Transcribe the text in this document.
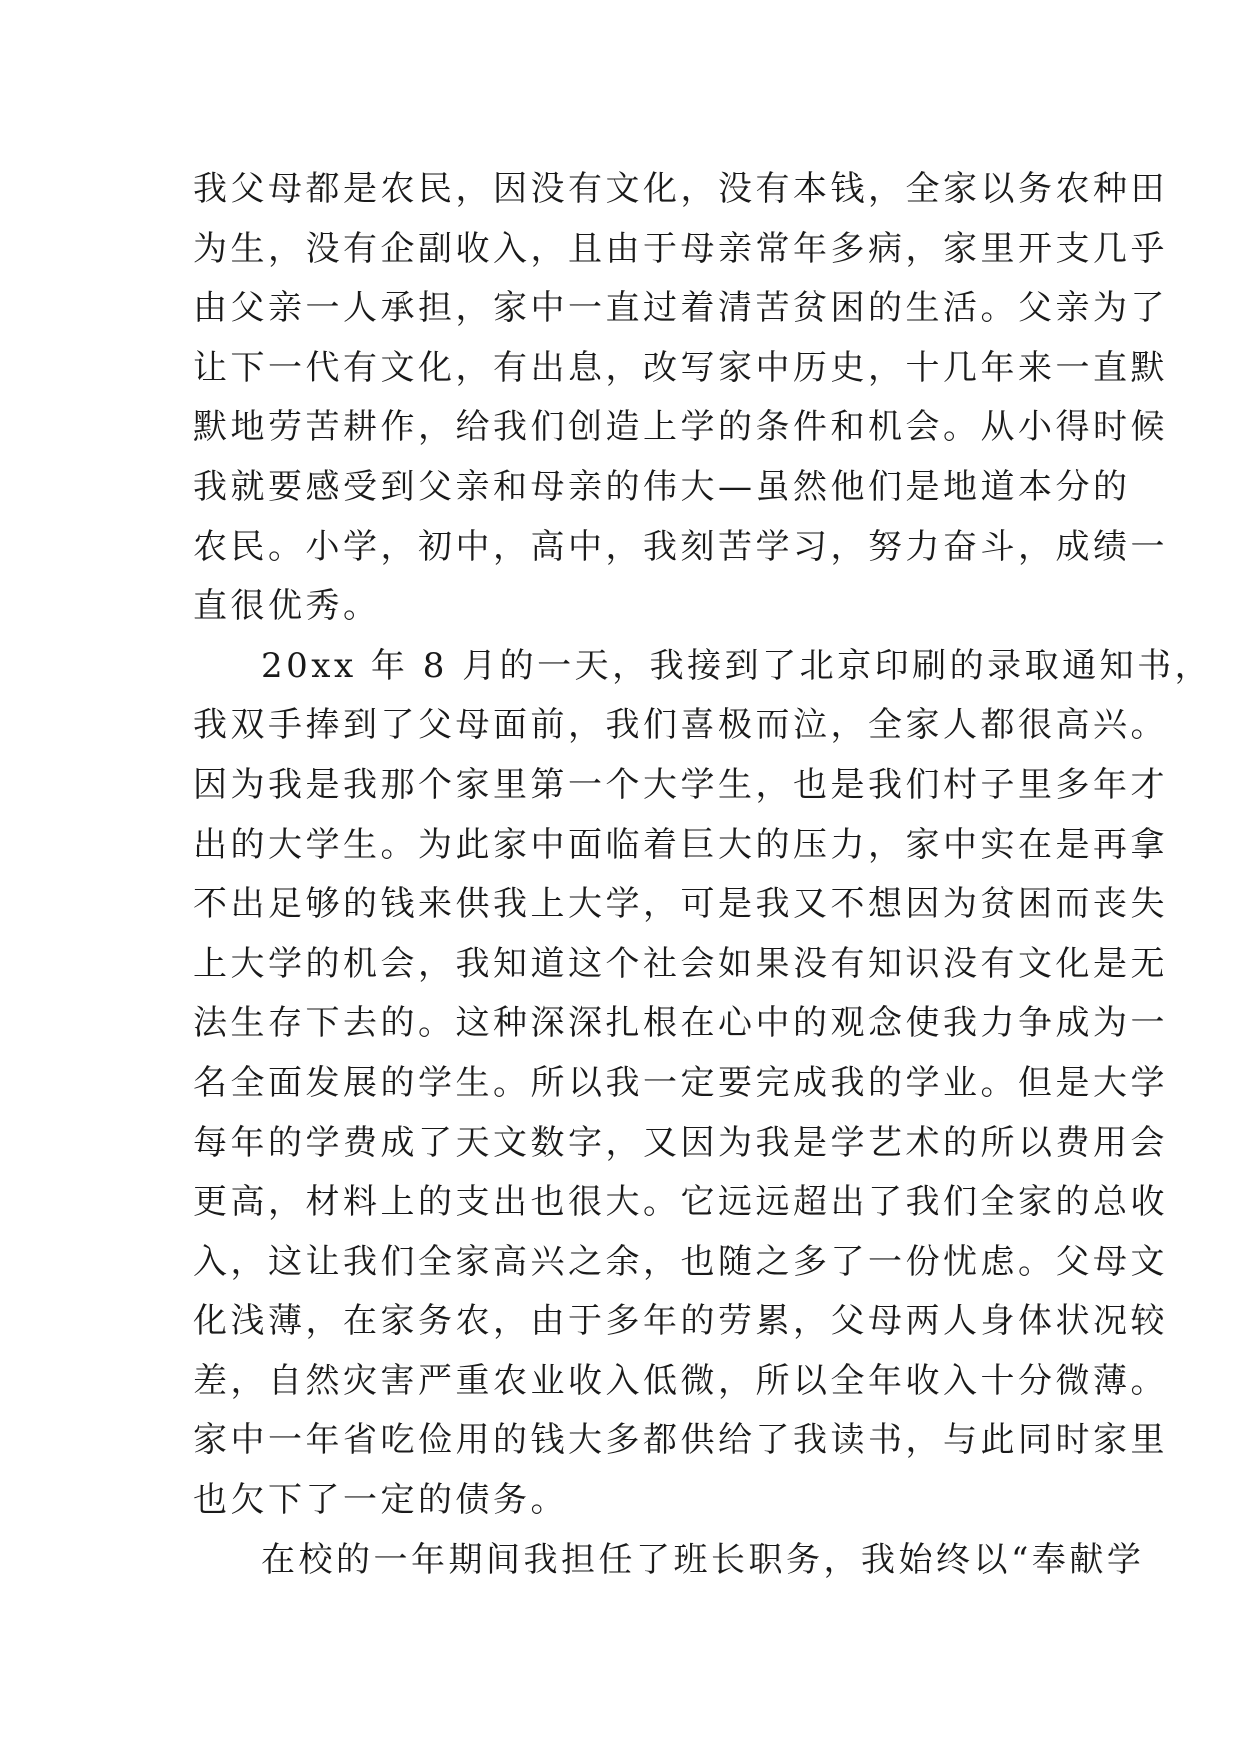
我父母都是农民，因没有文化，没有本钱，全家以务农种田
为生，没有企副收入，且由于母亲常年多病，家里开支几乎
由父亲一人承担，家中一直过着清苦贫困的生活。父亲为了
让下一代有文化，有出息，改写家中历史，十几年来一直默
默地劳苦耕作，给我们创造上学的条件和机会。从小得时候
我就要感受到父亲和母亲的伟大—虽然他们是地道本分的
农民。小学，初中，高中，我刻苦学习，努力奋斗，成绩一
直很优秀。
20xx 年 8 月的一天，我接到了北京印刷的录取通知书，
我双手捧到了父母面前，我们喜极而泣，全家人都很高兴。
因为我是我那个家里第一个大学生，也是我们村子里多年才
出的大学生。为此家中面临着巨大的压力，家中实在是再拿
不出足够的钱来供我上大学，可是我又不想因为贫困而丧失
上大学的机会，我知道这个社会如果没有知识没有文化是无
法生存下去的。这种深深扎根在心中的观念使我力争成为一
名全面发展的学生。所以我一定要完成我的学业。但是大学
每年的学费成了天文数字，又因为我是学艺术的所以费用会
更高，材料上的支出也很大。它远远超出了我们全家的总收
入，这让我们全家高兴之余，也随之多了一份忧虑。父母文
化浅薄，在家务农，由于多年的劳累，父母两人身体状况较
差，自然灾害严重农业收入低微，所以全年收入十分微薄。
家中一年省吃俭用的钱大多都供给了我读书，与此同时家里
也欠下了一定的债务。
在校的一年期间我担任了班长职务，我始终以“奉献学
